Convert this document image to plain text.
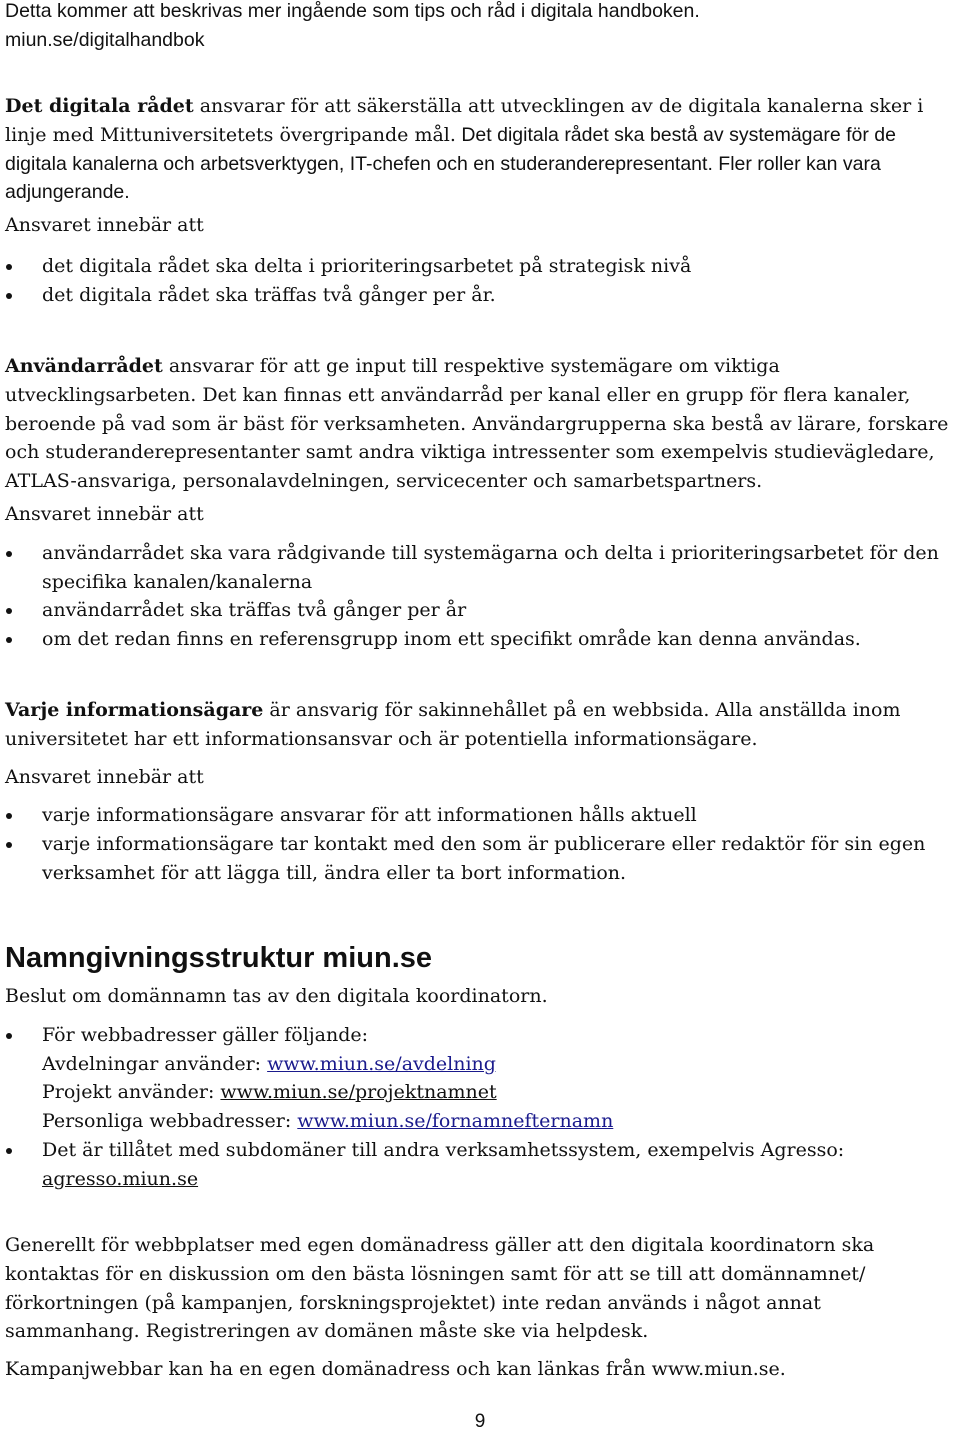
Detta kommer att beskrivas mer ingående som tips och råd i digitala handboken.

miun.se/digitalhandbok

Det digitala rådet ansvarar för att säkerställa att utvecklingen av de digitala kanalerna sker i linje med Mittuniversitetets övergripande mål. Det digitala rådet ska bestå av systemägare för de digitala kanalerna och arbetsverktygen, IT-chefen och en studeranderepresentant. Fler roller kan vara adjungerande.

Ansvaret innebär att

det digitala rådet ska delta i prioriteringsarbetet på strategisk nivå
det digitala rådet ska träffas två gånger per år.

Användarrådet ansvarar för att ge input till respektive systemägare om viktiga utvecklingsarbeten. Det kan finnas ett användarråd per kanal eller en grupp för flera kanaler, beroende på vad som är bäst för verksamheten. Användargrupperna ska bestå av lärare, forskare och studeranderepresentanter samt andra viktiga intressenter som exempelvis studievägledare, ATLAS-ansvariga, personalavdelningen, servicecenter och samarbetspartners.

Ansvaret innebär att

användarrådet ska vara rådgivande till systemägarna och delta i prioriteringsarbetet för den specifika kanalen/kanalerna
användarrådet ska träffas två gånger per år
om det redan finns en referensgrupp inom ett specifikt område kan denna användas.

Varje informationsägare är ansvarig för sakinnehållet på en webbsida. Alla anställda inom universitetet har ett informationsansvar och är potentiella informationsägare.

Ansvaret innebär att

varje informationsägare ansvarar för att informationen hålls aktuell
varje informationsägare tar kontakt med den som är publicerare eller redaktör för sin egen verksamhet för att lägga till, ändra eller ta bort information.
Namngivningsstruktur miun.se

Beslut om domännamn tas av den digitala koordinatorn.

För webbadresser gäller följande:
Avdelningar använder: www.miun.se/avdelning
Projekt använder: www.miun.se/projektnamnet
Personliga webbadresser: www.miun.se/fornamnefternamn
Det är tillåtet med subdomäner till andra verksamhetssystem, exempelvis Agresso: agresso.miun.se

Generellt för webbplatser med egen domänadress gäller att den digitala koordinatorn ska kontaktas för en diskussion om den bästa lösningen samt för att se till att domännamnet/ förkortningen (på kampanjen, forskningsprojektet) inte redan används i något annat sammanhang. Registreringen av domänen måste ske via helpdesk.

Kampanjwebbar kan ha en egen domänadress och kan länkas från www.miun.se.

9
